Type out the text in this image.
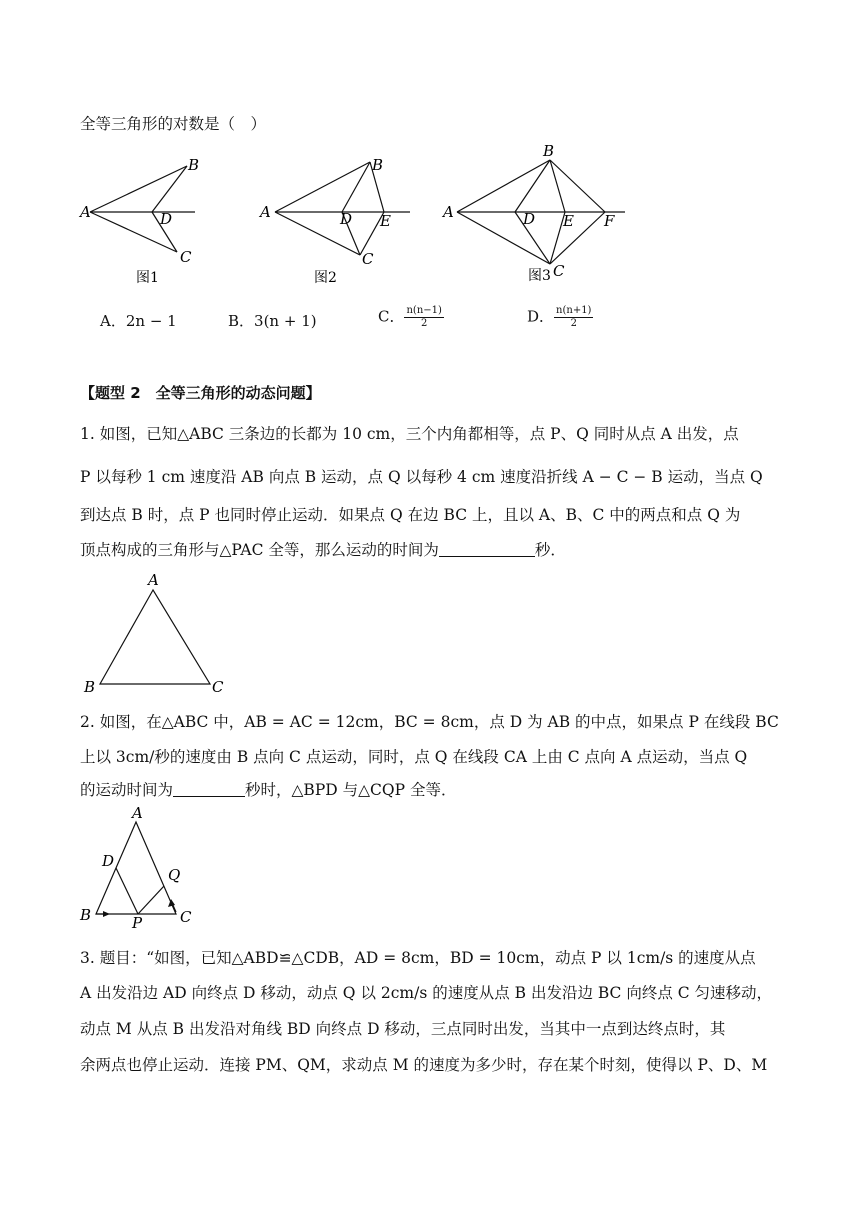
全等三角形的对数是（　）
A
B
D
C
图1
A
B
D E
C
图2
A
B
D E F
C
图3
A．2n − 1	B．3(n + 1)	C． $\frac{n(n-1)}{2}$	D． $\frac{n(n+1)}{2}$
【题型 2　全等三角形的动态问题】
1. 如图，已知△ABC 三条边的长都为 10 cm，三个内角都相等，点 P、Q 同时从点 A 出发，点
P 以每秒 1 cm 速度沿 AB 向点 B 运动，点 Q 以每秒 4 cm 速度沿折线 A − C − B 运动，当点 Q
到达点 B 时，点 P 也同时停止运动．如果点 Q 在边 BC 上，且以 A、B、C 中的两点和点 Q 为
顶点构成的三角形与△PAC 全等，那么运动的时间为	秒．
A
B	C
2. 如图，在△ABC 中，AB = AC = 12cm，BC = 8cm，点 D 为 AB 的中点，如果点 P 在线段 BC
上以 3cm/秒的速度由 B 点向 C 点运动，同时，点 Q 在线段 CA 上由 C 点向 A 点运动，当点 Q
的运动时间为	秒时，△BPD 与△CQP 全等．
A
D
Q
B	C
P
3. 题目：“如图，已知△ABD≌△CDB，AD = 8cm，BD = 10cm，动点 P 以 1cm/s 的速度从点
A 出发沿边 AD 向终点 D 移动，动点 Q 以 2cm/s 的速度从点 B 出发沿边 BC 向终点 C 匀速移动，
动点 M 从点 B 出发沿对角线 BD 向终点 D 移动，三点同时出发，当其中一点到达终点时，其
余两点也停止运动．连接 PM、QM，求动点 M 的速度为多少时，存在某个时刻，使得以 P、D、M
